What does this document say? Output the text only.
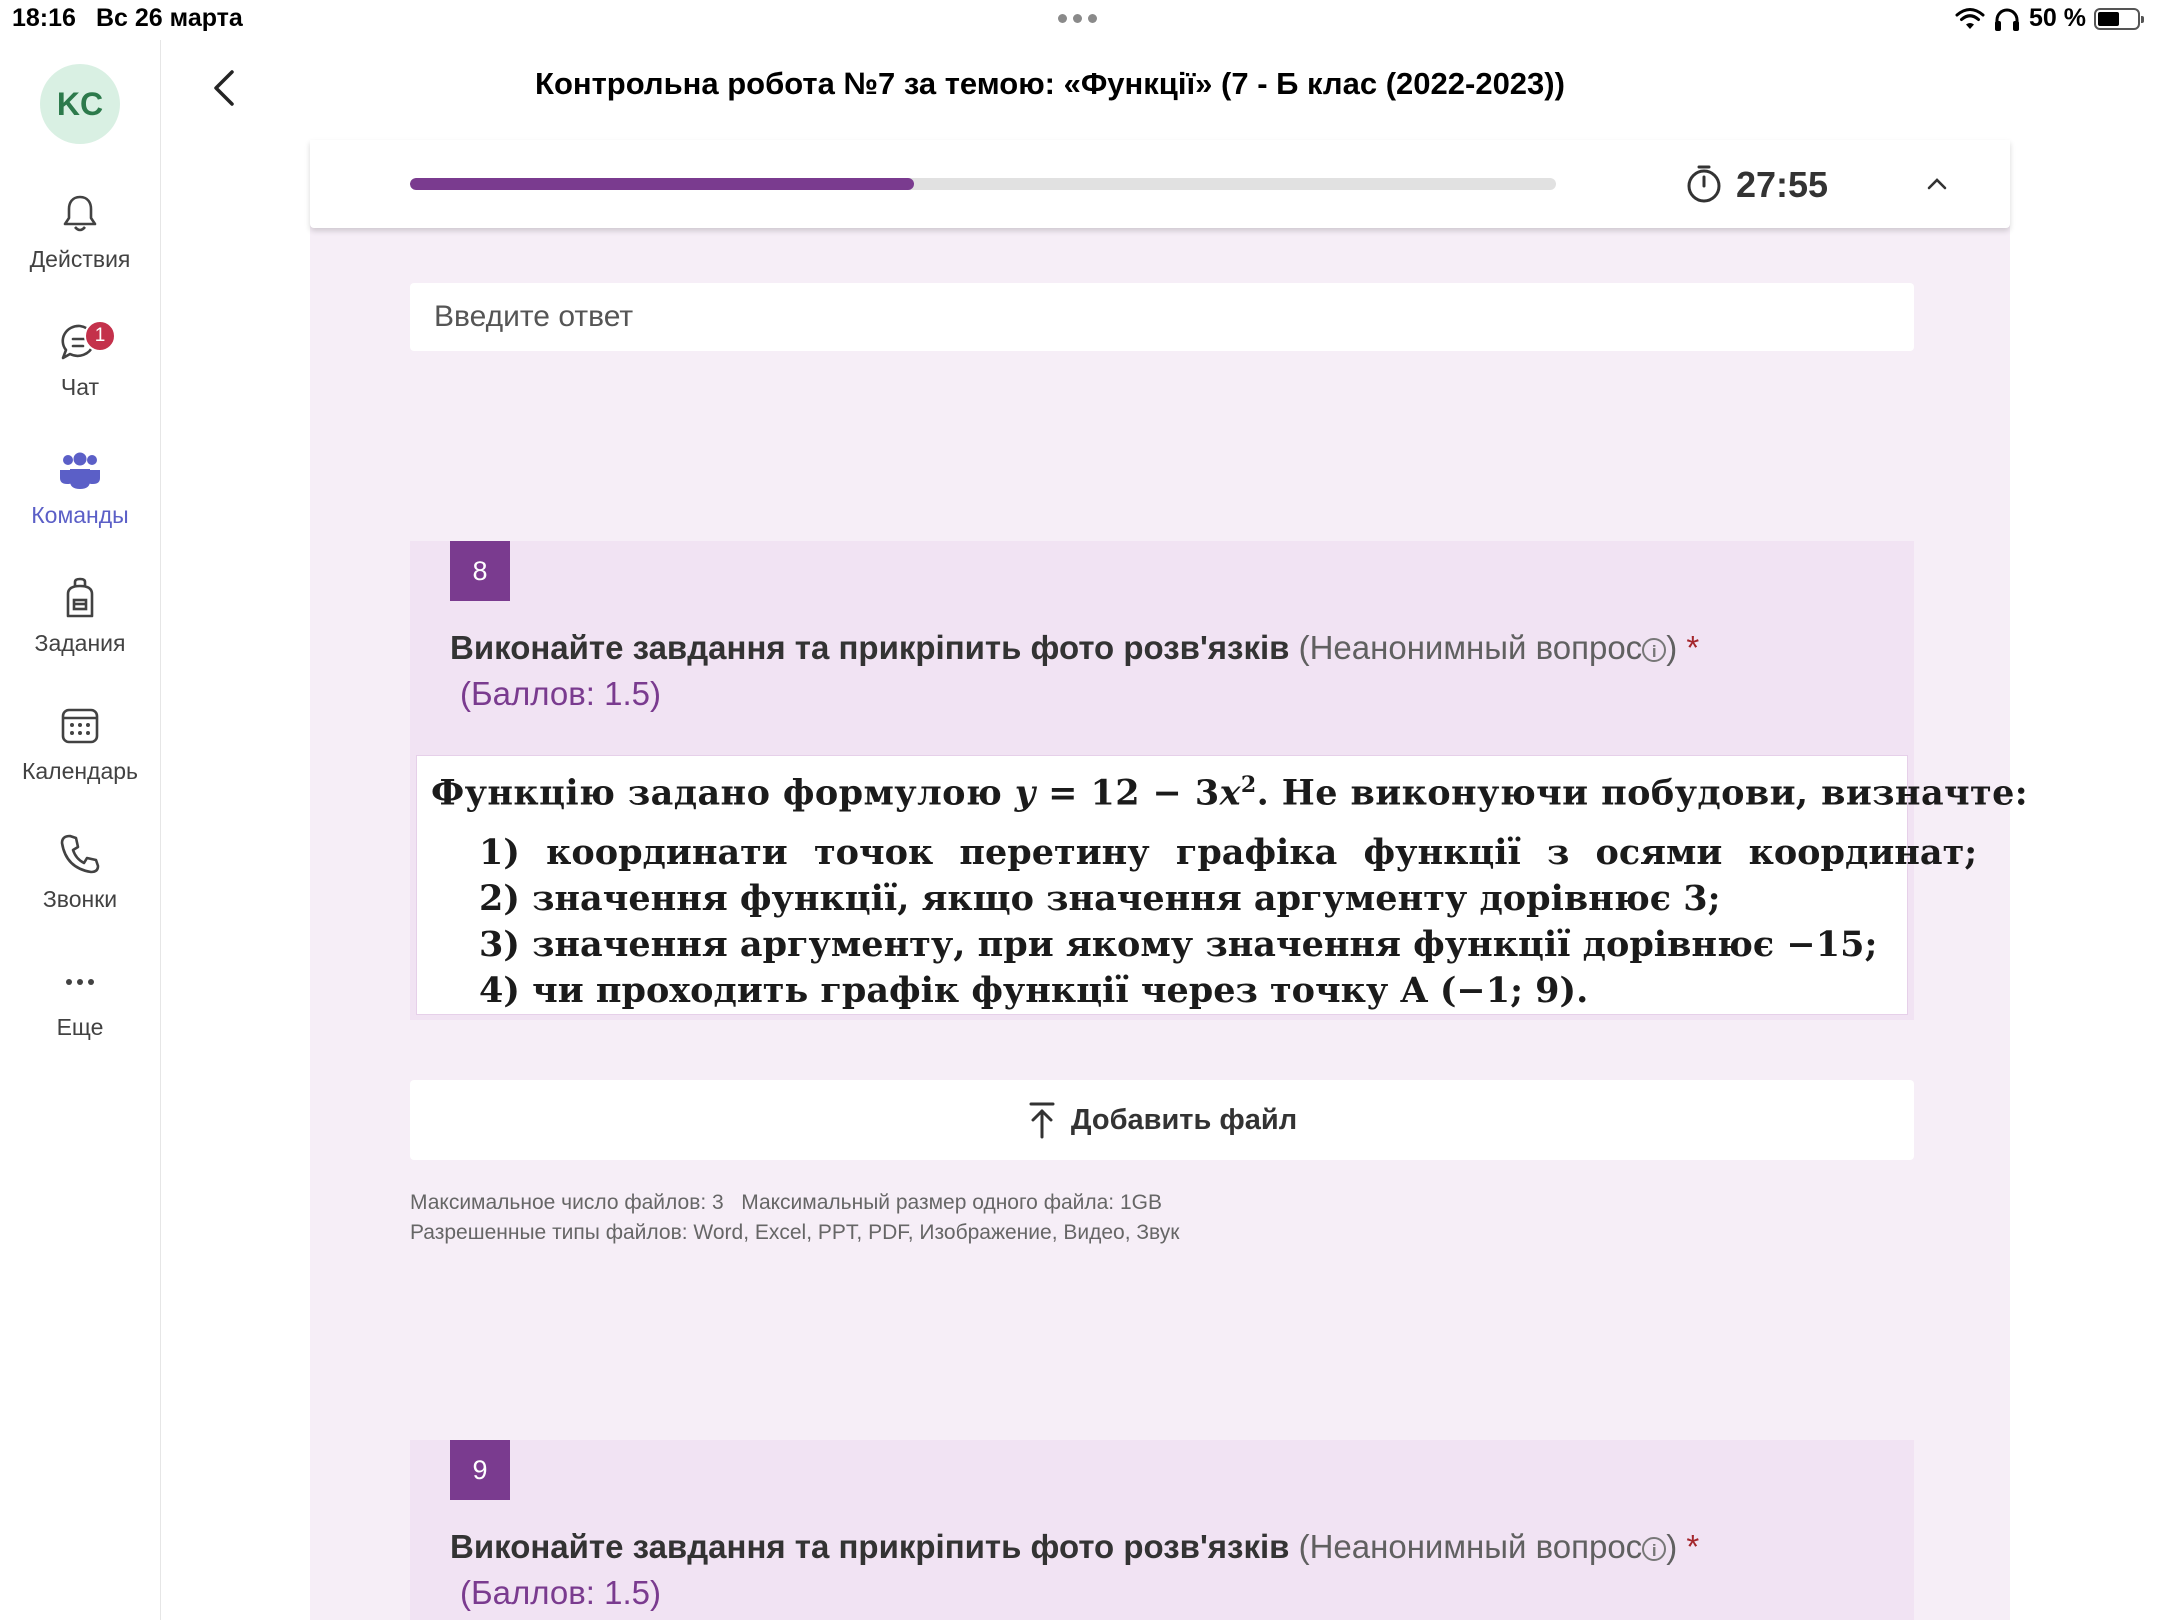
18:16 Вс 26 марта	50 %
KC
Действия
1
Чат
Команды
Задания
Календарь
Звонки
Еще
Контрольна робота №7 за темою: «Функції» (7 - Б клас (2022-2023))
27:55
Введите ответ
8
Виконайте завдання та прикріпить фото розв'язків (Неанонимный вопрос i ) *
(Баллов: 1.5)
Функцію задано формулою $y = 12 - 3x^2$. Не виконуючи побудови, визначте:
1) координати точок перетину графіка функції з осями координат;
2) значення функції, якщо значення аргументу дорівнює 3;
3) значення аргументу, при якому значення функції дорівнює −15;
4) чи проходить графік функції через точку A (−1; 9).
Добавить файл
Максимальное число файлов: 3 Максимальный размер одного файла: 1GB
Разрешенные типы файлов: Word, Excel, PPT, PDF, Изображение, Видео, Звук
9
Виконайте завдання та прикріпить фото розв'язків (Неанонимный вопрос i ) *
(Баллов: 1.5)
